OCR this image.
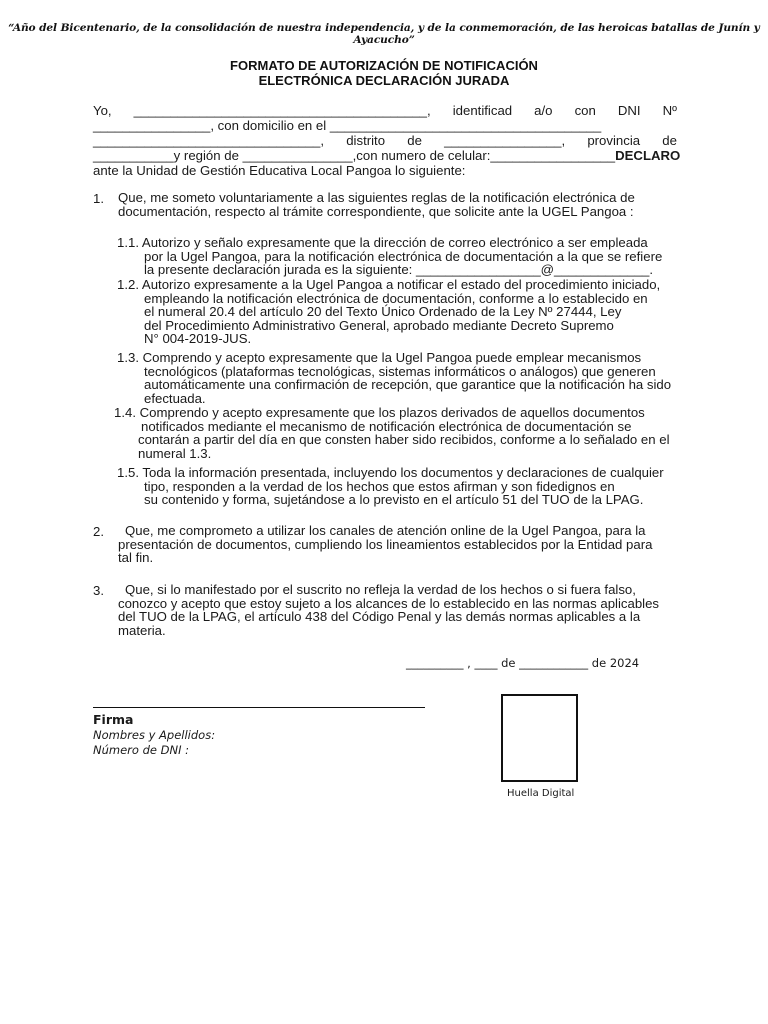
“Año del Bicentenario, de la consolidación de nuestra independencia, y de la conmemoración, de las heroicas batallas de Junín y Ayacucho”
FORMATO DE AUTORIZACIÓN DE NOTIFICACIÓN
ELECTRÓNICA DECLARACIÓN JURADA
Yo, ________________________________________, identificad a/o con DNI Nº
________________, con domicilio en el _____________________________________
_______________________________, distrito de ________________, provincia de
___________y región de _______________,con numero de celular:_________________ DECLARO
ante la Unidad de Gestión Educativa Local Pangoa lo siguiente:
1. Que, me someto voluntariamente a las siguientes reglas de la notificación electrónica de
documentación, respecto al trámite correspondiente, que solicite ante la UGEL Pangoa :
1.1. Autorizo y señalo expresamente que la dirección de correo electrónico a ser empleada
por la Ugel Pangoa, para la notificación electrónica de documentación a la que se refiere
la presente declaración jurada es la siguiente: _________________@_____________.
1.2. Autorizo expresamente a la Ugel Pangoa a notificar el estado del procedimiento iniciado,
empleando la notificación electrónica de documentación, conforme a lo establecido en
el numeral 20.4 del artículo 20 del Texto Único Ordenado de la Ley Nº 27444, Ley
del Procedimiento Administrativo General, aprobado mediante Decreto Supremo
N° 004-2019-JUS.
1.3. Comprendo y acepto expresamente que la Ugel Pangoa puede emplear mecanismos
tecnológicos (plataformas tecnológicas, sistemas informáticos o análogos) que generen
automáticamente una confirmación de recepción, que garantice que la notificación ha sido
efectuada.
1.4. Comprendo y acepto expresamente que los plazos derivados de aquellos documentos
notificados mediante el mecanismo de notificación electrónica de documentación se
contarán a partir del día en que consten haber sido recibidos, conforme a lo señalado en el
numeral 1.3.
1.5. Toda la información presentada, incluyendo los documentos y declaraciones de cualquier
tipo, responden a la verdad de los hechos que estos afirman y son fidedignos en
su contenido y forma, sujetándose a lo previsto en el artículo 51 del TUO de la LPAG.
2. Que, me comprometo a utilizar los canales de atención online de la Ugel Pangoa, para la
presentación de documentos, cumpliendo los lineamientos establecidos por la Entidad para
tal fin.
3. Que, si lo manifestado por el suscrito no refleja la verdad de los hechos o si fuera falso,
conozco y acepto que estoy sujeto a los alcances de lo establecido en las normas aplicables
del TUO de la LPAG, el artículo 438 del Código Penal y las demás normas aplicables a la
materia.
__________ , ____ de ____________ de 2024
Firma
Nombres y Apellidos:
Número de DNI :
Huella Digital
